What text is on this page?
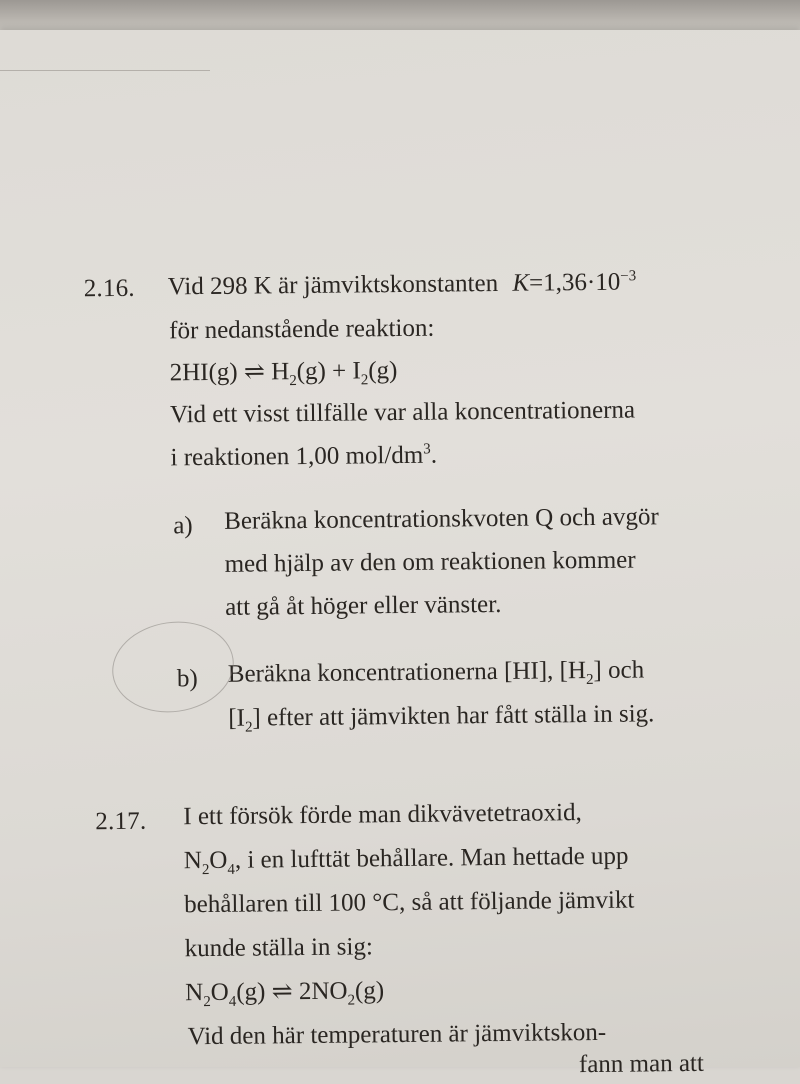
2.16. Vid 298 K är jämviktskonstanten $K=1,36\cdot 10^{-3}$
för nedanstående reaktion:
2HI(g) ⇌ $H_2(g) + I_2(g)$
Vid ett visst tillfälle var alla koncentrationerna
i reaktionen 1,00 mol/$dm^3$.
a) Beräkna koncentrationskvoten Q och avgör
med hjälp av den om reaktionen kommer
att gå åt höger eller vänster.
b) Beräkna koncentrationerna [HI], $[H_2]$ och
$[I_2]$ efter att jämvikten har fått ställa in sig.
2.17. I ett försök förde man dikvävetetraoxid,
$N_2O_4$, i en lufttät behållare. Man hettade upp
behållaren till 100 °C, så att följande jämvikt
kunde ställa in sig:
$N_2O_4(g)$ ⇌ $2NO_2(g)$
Vid den här temperaturen är jämviktskon-
fann man att
